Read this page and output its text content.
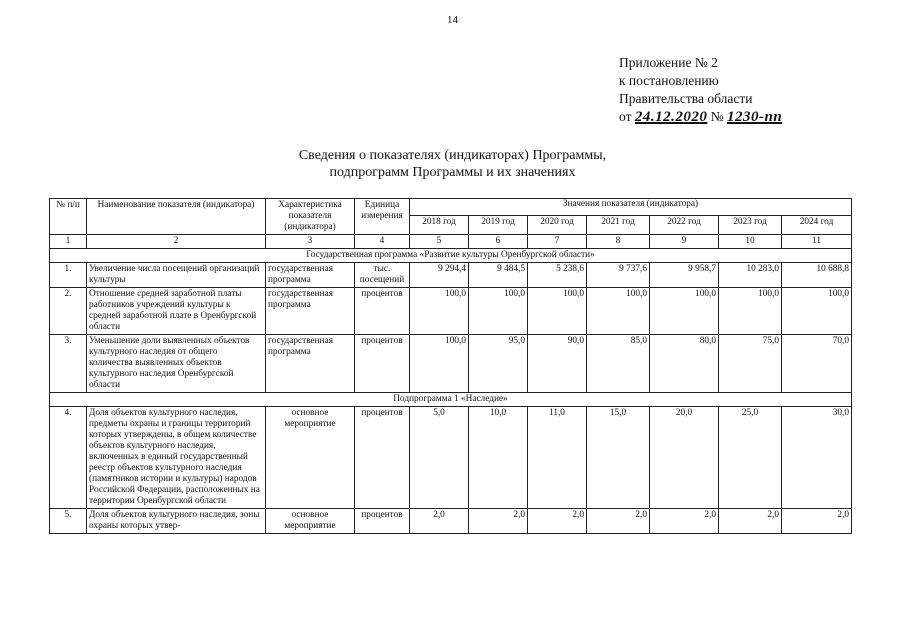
14
Приложение № 2
к постановлению
Правительства области
от 24.12.2020 № 1230-пп
Сведения о показателях (индикаторах) Программы,
подпрограмм Программы и их значениях
№ п/п	Наименование показателя (индикатора)	Характеристика показателя (индикатора)	Единица измерения	Значения показателя (индикатора)						
				2018 год	2019 год	2020 год	2021 год	2022 год	2023 год	2024 год
1	2	3	4	5	6	7	8	9	10	11
Государственная программа «Развитие культуры Оренбургской области»										
1.	Увеличение числа посещений организаций культуры	государственная программа	тыс. посещений	9 294,4	9 484,5	5 238,6	9 737,6	9 958,7	10 283,0	10 688,8
2.	Отношение средней заработной платы работников учреждений культуры к средней заработной плате в Оренбургской области	государственная программа	процентов	100,0	100,0	100,0	100,0	100,0	100,0	100,0
3.	Уменьшение доли выявленных объектов культурного наследия от общего количества выявленных объектов культурного наследия Оренбургской области	государственная программа	процентов	100,0	95,0	90,0	85,0	80,0	75,0	70,0
Подпрограмма 1 «Наследие»										
4.	Доля объектов культурного наследия, предметы охраны и границы территорий которых утверждены, в общем количестве объектов культурного наследия, включенных в единый государственный реестр объектов культурного наследия (памятников истории и культуры) народов Российской Федерации, расположенных на территории Оренбургской области	основное мероприятие	процентов	5,0	10,0	11,0	15,0	20,0	25,0	30,0
5.	Доля объектов культурного наследия, зоны охраны которых утвер-	основное мероприятие	процентов	2,0	2,0	2,0	2,0	2,0	2,0	2,0
